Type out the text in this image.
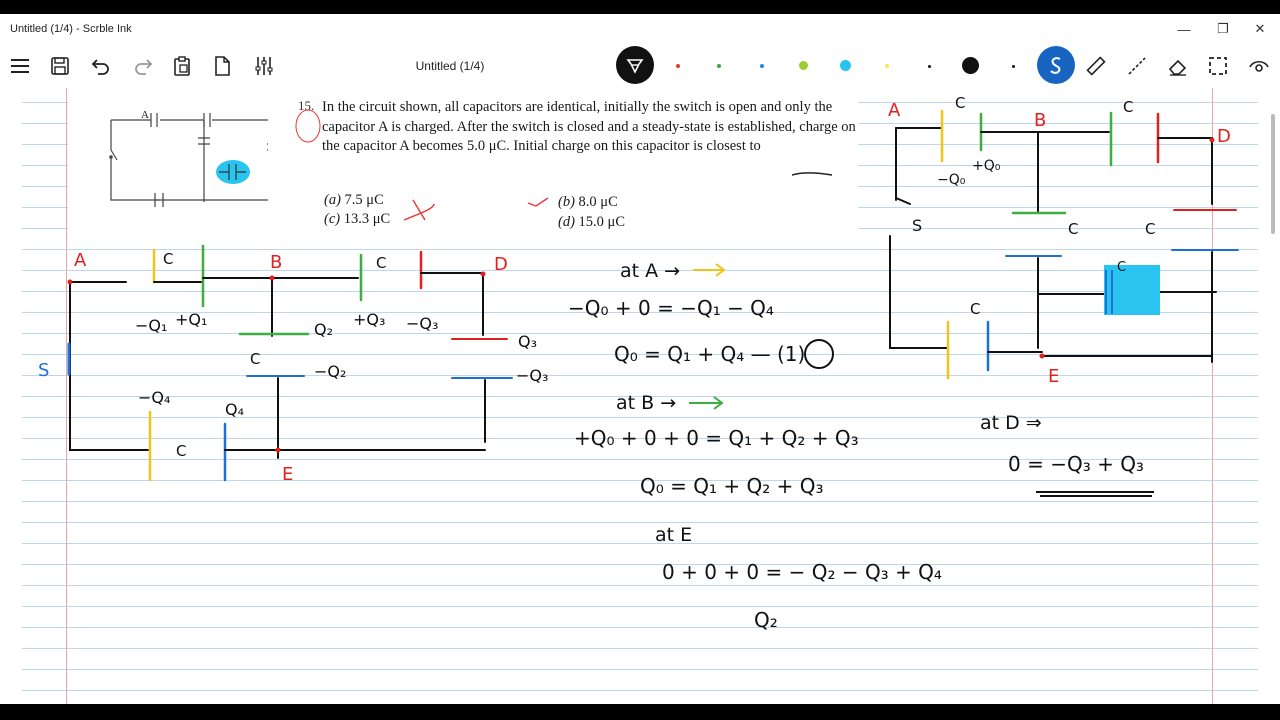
Untitled (1/4) - Scrble Ink	—	❐	✕
Untitled (1/4)
A
15. In the circuit shown, all capacitors are identical, initially the switch is open and only the capacitor A is charged. After the switch is closed and a steady-state is established, charge on the capacitor A becomes 5.0 μC. Initial charge on this capacitor is closest to
(a) 7.5 μC	(b) 8.0 μC
(c) 13.3 μC	(d) 15.0 μC
A	C	B	C	D
−Q₁ +Q₁
Q₂
+Q₃ −Q₃
Q₃
C
−Q₂	−Q₃
−Q₄
Q₄
S
C
E
A	C
B
C
D
−Q₀
+Q₀
S	C	C
C
C
E
at A →
−Q₀ + 0 = −Q₁ − Q₄
Q₀ = Q₁ + Q₄ — (1)
at B →
+Q₀ + 0 + 0 = Q₁ + Q₂ + Q₃
Q₀ = Q₁ + Q₂ + Q₃
at E
0 + 0 + 0 = − Q₂ − Q₃ + Q₄
Q₂
at D ⇒
0 = −Q₃ + Q₃
